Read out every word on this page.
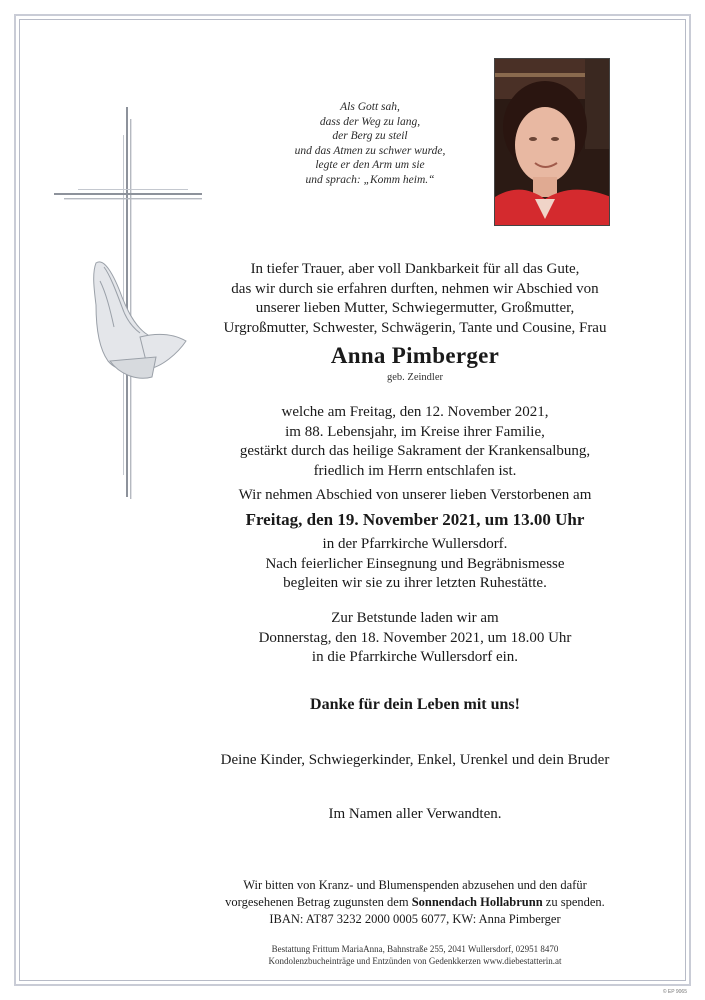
Als Gott sah,
dass der Weg zu lang,
der Berg zu steil
und das Atmen zu schwer wurde,
legte er den Arm um sie
und sprach: „Komm heim.“
In tiefer Trauer, aber voll Dankbarkeit für all das Gute,
das wir durch sie erfahren durften, nehmen wir Abschied von
unserer lieben Mutter, Schwiegermutter, Großmutter,
Urgroßmutter, Schwester, Schwägerin, Tante und Cousine, Frau
Anna Pimberger
geb. Zeindler
welche am Freitag, den 12. November 2021,
im 88. Lebensjahr, im Kreise ihrer Familie,
gestärkt durch das heilige Sakrament der Krankensalbung,
friedlich im Herrn entschlafen ist.
Wir nehmen Abschied von unserer lieben Verstorbenen am
Freitag, den 19. November 2021, um 13.00 Uhr
in der Pfarrkirche Wullersdorf.
Nach feierlicher Einsegnung und Begräbnismesse
begleiten wir sie zu ihrer letzten Ruhestätte.
Zur Betstunde laden wir am
Donnerstag, den 18. November 2021, um 18.00 Uhr
in die Pfarrkirche Wullersdorf ein.
Danke für dein Leben mit uns!
Deine Kinder, Schwiegerkinder, Enkel, Urenkel und dein Bruder
Im Namen aller Verwandten.
Wir bitten von Kranz- und Blumenspenden abzusehen und den dafür
vorgesehenen Betrag zugunsten dem Sonnendach Hollabrunn zu spenden.
IBAN: AT87 3232 2000 0005 6077, KW: Anna Pimberger
Bestattung Frittum MariaAnna, Bahnstraße 255, 2041 Wullersdorf, 02951 8470
Kondolenzbucheinträge und Entzünden von Gedenkkerzen www.diebestatterin.at
© EP 9065
